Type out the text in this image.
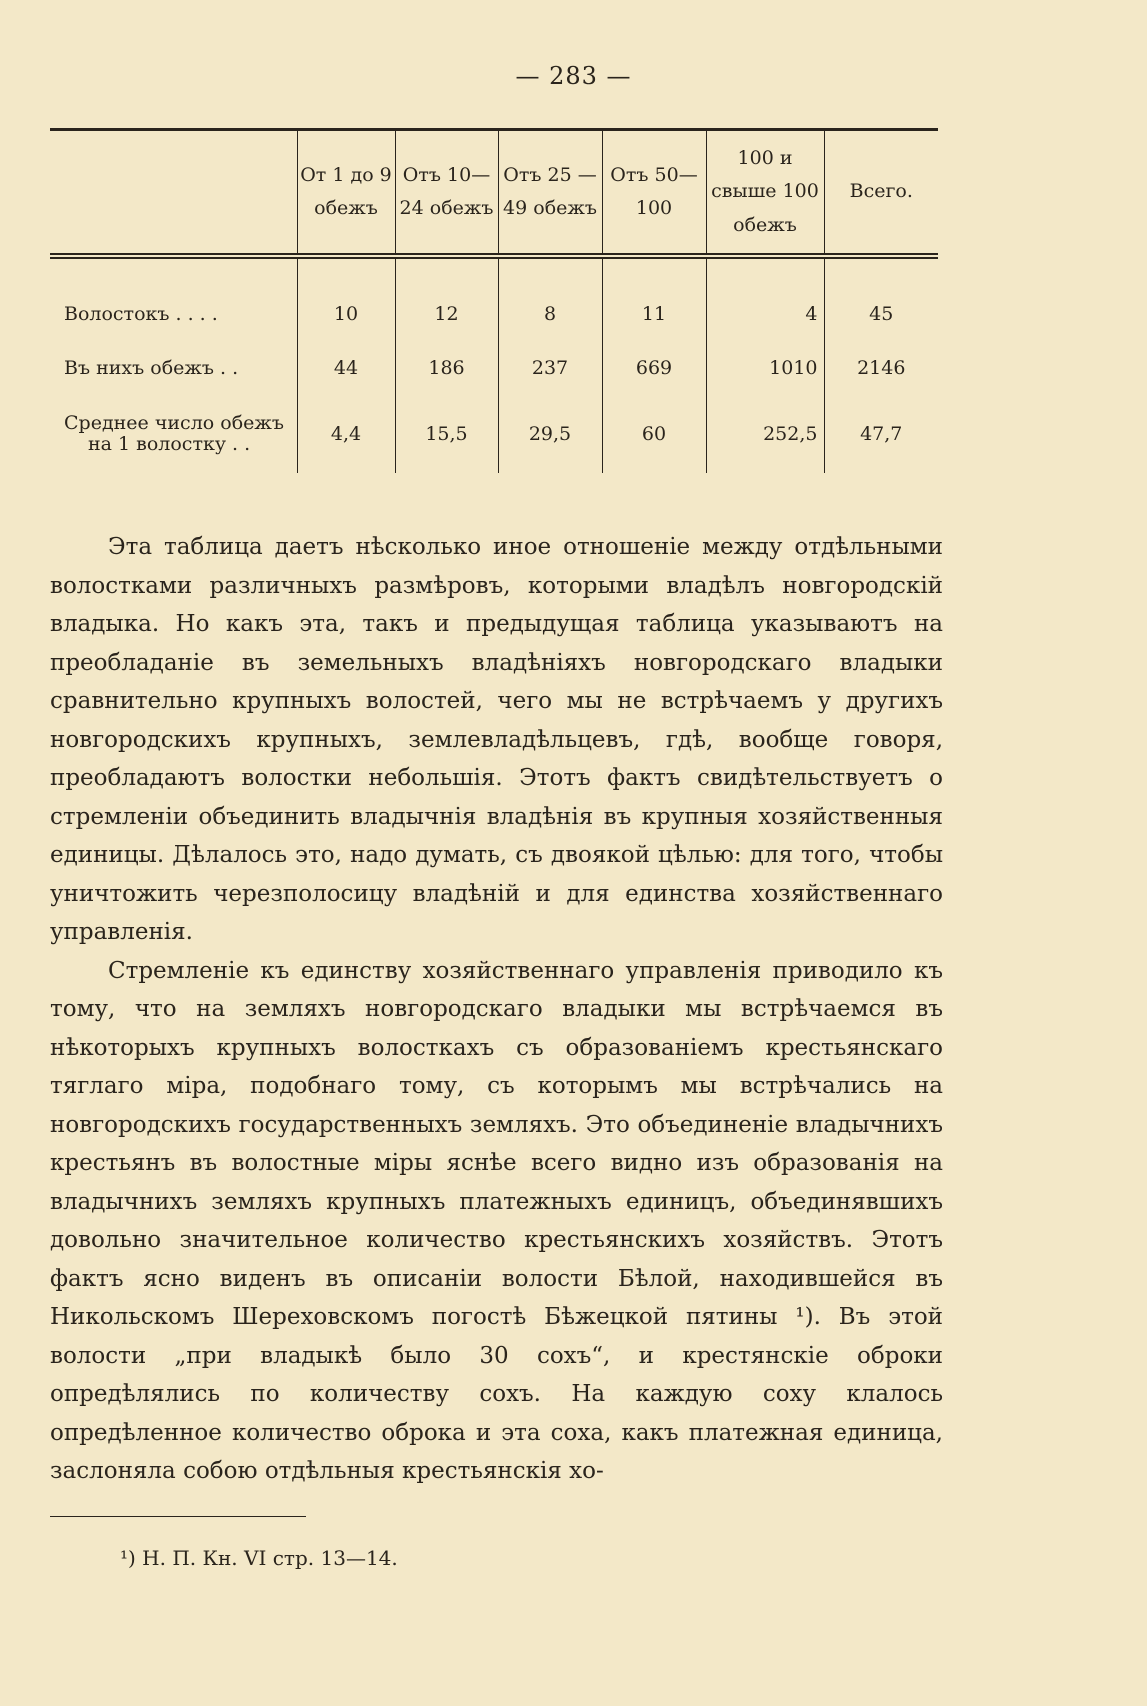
— 283 —
	От 1 до 9 обежъ	Отъ 10— 24 обежъ	Отъ 25 — 49 обежъ	Отъ 50— 100	100 и свыше 100 обежъ	Всего.

Волостокъ . . . .	10	12	8	11	4	45
Въ нихъ обежъ . .	44	186	237	669	1010	2146
Среднее число обежъ
на 1 волостку . .	4,4	15,5	29,5	60	252,5	47,7

Эта таблица даетъ нѣсколько иное отношеніе между отдѣльными волостками различныхъ размѣровъ, которыми владѣлъ новгородскій владыка. Но какъ эта, такъ и предыдущая таблица указываютъ на преобладаніе въ земельныхъ владѣніяхъ новгородскаго владыки сравнительно крупныхъ волостей, чего мы не встрѣчаемъ у другихъ новгородскихъ крупныхъ, землевладѣльцевъ, гдѣ, вообще говоря, преобладаютъ волостки небольшія. Этотъ фактъ свидѣтельствуетъ о стремленіи объединить владычнія владѣнія въ крупныя хозяйственныя единицы. Дѣлалось это, надо думать, съ двоякой цѣлью: для того, чтобы уничтожить черезполосицу владѣній и для единства хозяйственнаго управленія.

Стремленіе къ единству хозяйственнаго управленія приводило къ тому, что на земляхъ новгородскаго владыки мы встрѣчаемся въ нѣкоторыхъ крупныхъ волосткахъ съ образованіемъ крестьянскаго тяглаго міра, подобнаго тому, съ которымъ мы встрѣчались на новгородскихъ государственныхъ земляхъ. Это объединеніе владычнихъ крестьянъ въ волостные міры яснѣе всего видно изъ образованія на владычнихъ земляхъ крупныхъ платежныхъ единицъ, объединявшихъ довольно значительное количество крестьянскихъ хозяйствъ. Этотъ фактъ ясно виденъ въ описаніи волости Бѣлой, находившейся въ Никольскомъ Шереховскомъ погостѣ Бѣжецкой пятины ¹). Въ этой волости „при владыкѣ было 30 сохъ“, и крестянскіе оброки опредѣлялись по количеству сохъ. На каждую соху клалось опредѣленное количество оброка и эта соха, какъ платежная единица, заслоняла собою отдѣльныя крестьянскія хо-

¹) Н. П. Кн. VI стр. 13—14.
